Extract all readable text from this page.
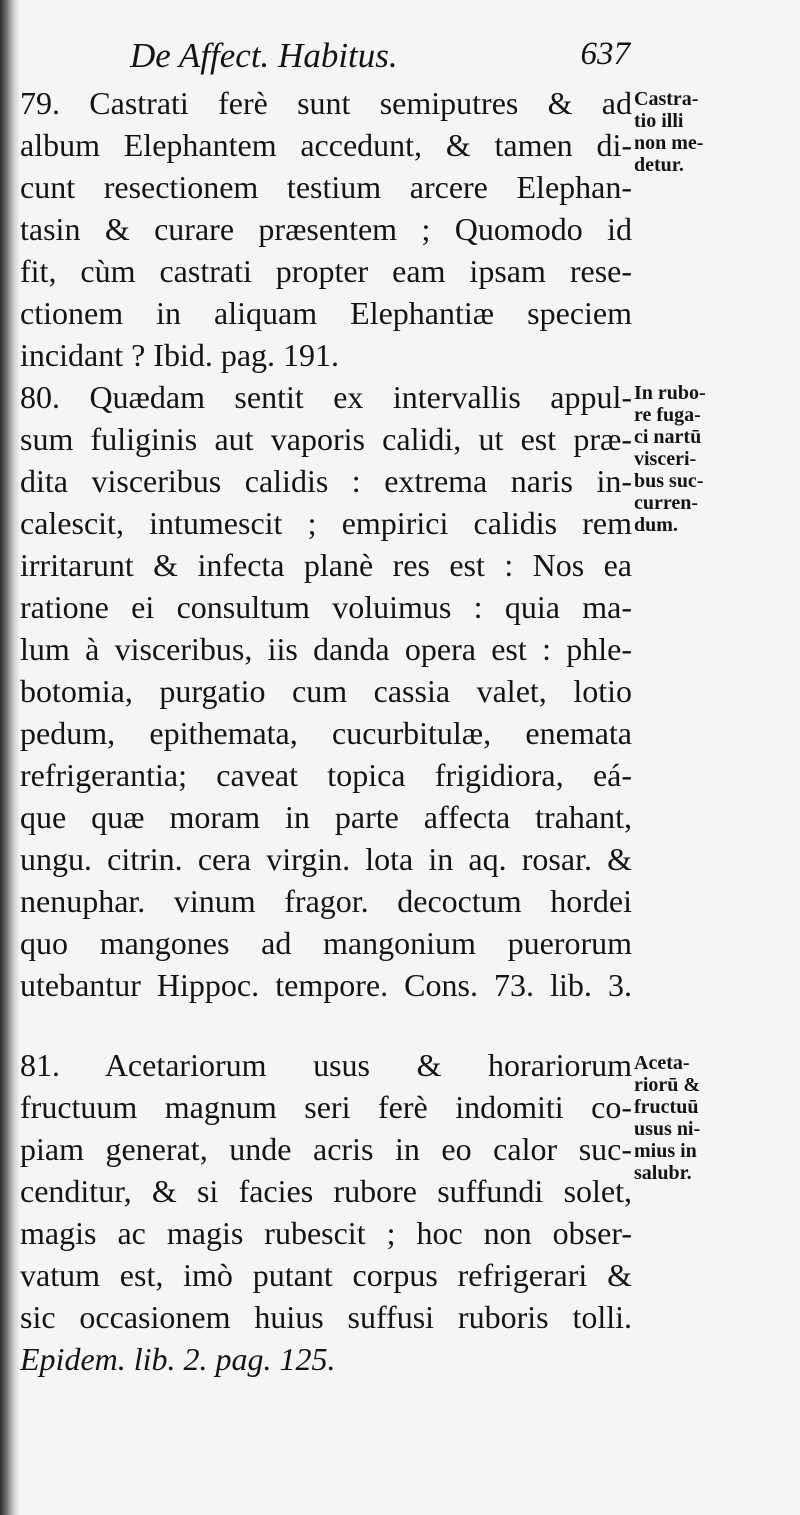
De Affect. Habitus.	637
79. Castrati ferè sunt semiputres & ad
album Elephantem accedunt, & tamen di-
cunt resectionem testium arcere Elephan-
tasin & curare præsentem ; Quomodo id
fit, cùm castrati propter eam ipsam rese-
ctionem in aliquam Elephantiæ speciem
incidant ? Ibid. pag. 191.
80. Quædam sentit ex intervallis appul-
sum fuliginis aut vaporis calidi, ut est præ-
dita visceribus calidis : extrema naris in-
calescit, intumescit ; empirici calidis rem
irritarunt & infecta planè res est : Nos ea
ratione ei consultum voluimus : quia ma-
lum à visceribus, iis danda opera est : phle-
botomia, purgatio cum cassia valet, lotio
pedum, epithemata, cucurbitulæ, enemata
refrigerantia; caveat topica frigidiora, eá-
que quæ moram in parte affecta trahant,
ungu. citrin. cera virgin. lota in aq. rosar. &
nenuphar. vinum fragor. decoctum hordei
quo mangones ad mangonium puerorum
utebantur Hippoc. tempore. Cons. 73. lib. 3.
81. Acetariorum usus & horariorum
fructuum magnum seri ferè indomiti co-
piam generat, unde acris in eo calor suc-
cenditur, & si facies rubore suffundi solet,
magis ac magis rubescit ; hoc non obser-
vatum est, imò putant corpus refrigerari &
sic occasionem huius suffusi ruboris tolli.
Epidem. lib. 2. pag. 125.
Castra-
tio illi
non me-
detur.
In rubo-
re fuga-
ci nartū
visceri-
bus suc-
curren-
dum.
Aceta-
riorū &
fructuū
usus ni-
mius in
salubr.
